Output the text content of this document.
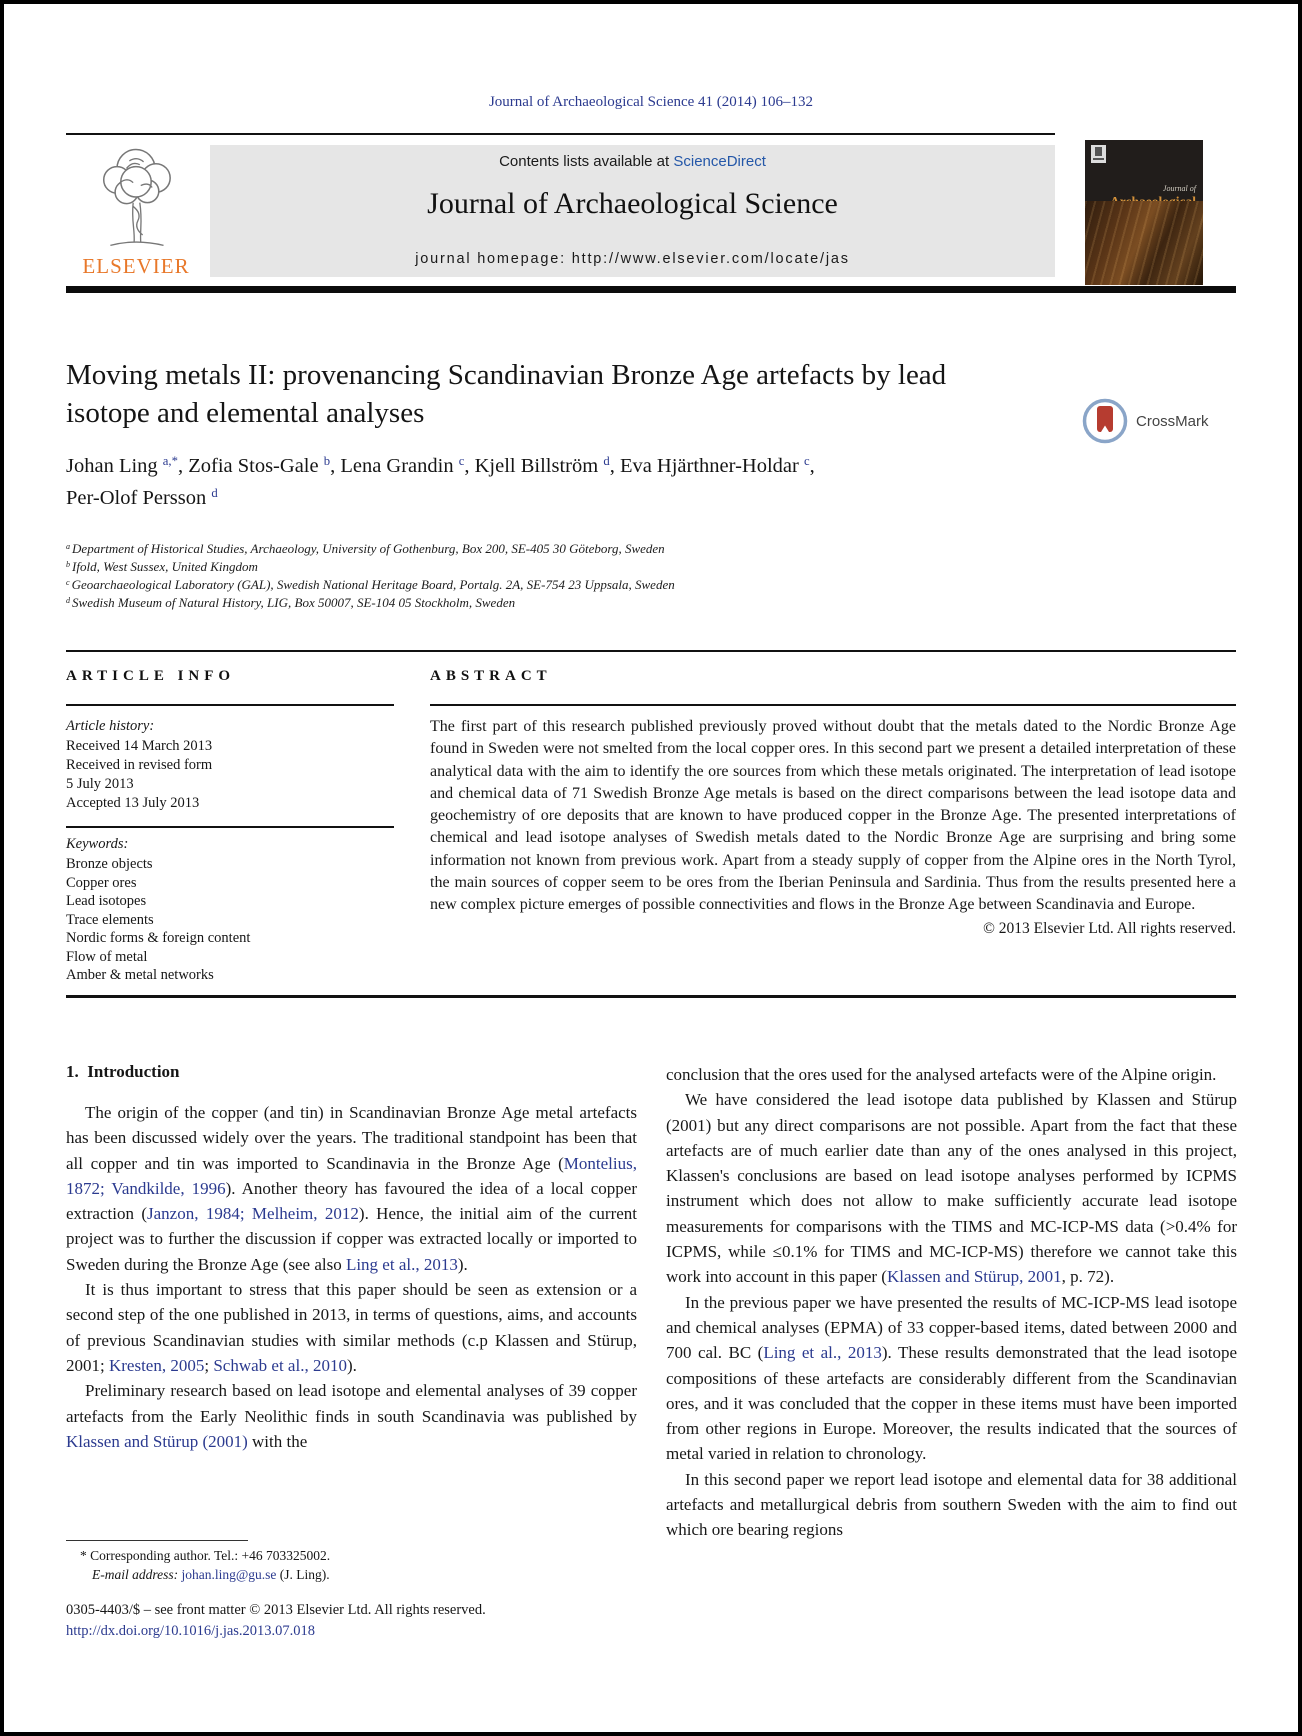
Journal of Archaeological Science 41 (2014) 106–132
ELSEVIER
Contents lists available at ScienceDirect
Journal of Archaeological Science
journal homepage: http://www.elsevier.com/locate/jas
Journal of
Moving metals II: provenancing Scandinavian Bronze Age artefacts by lead isotope and elemental analyses	CrossMark
Johan Ling $^{a,*}$, Zofia Stos-Gale $^b$, Lena Grandin $^c$, Kjell Billström $^d$, Eva Hjärthner-Holdar $^c$,
Per-Olof Persson $^d$
$^a$ Department of Historical Studies, Archaeology, University of Gothenburg, Box 200, SE-405 30 Göteborg, Sweden
$^b$ Ifold, West Sussex, United Kingdom
$^c$ Geoarchaeological Laboratory (GAL), Swedish National Heritage Board, Portalg. 2A, SE-754 23 Uppsala, Sweden
$^d$ Swedish Museum of Natural History, LIG, Box 50007, SE-104 05 Stockholm, Sweden
ARTICLE INFO
Article history:
Received 14 March 2013
Received in revised form
5 July 2013
Accepted 13 July 2013
Keywords:
Bronze objects
Copper ores
Lead isotopes
Trace elements
Nordic forms & foreign content
Flow of metal
Amber & metal networks
ABSTRACT
The first part of this research published previously proved without doubt that the metals dated to the Nordic Bronze Age found in Sweden were not smelted from the local copper ores. In this second part we present a detailed interpretation of these analytical data with the aim to identify the ore sources from which these metals originated. The interpretation of lead isotope and chemical data of 71 Swedish Bronze Age metals is based on the direct comparisons between the lead isotope data and geochemistry of ore deposits that are known to have produced copper in the Bronze Age. The presented interpretations of chemical and lead isotope analyses of Swedish metals dated to the Nordic Bronze Age are surprising and bring some information not known from previous work. Apart from a steady supply of copper from the Alpine ores in the North Tyrol, the main sources of copper seem to be ores from the Iberian Peninsula and Sardinia. Thus from the results presented here a new complex picture emerges of possible connectivities and flows in the Bronze Age between Scandinavia and Europe.
© 2013 Elsevier Ltd. All rights reserved.
1.  Introduction

The origin of the copper (and tin) in Scandinavian Bronze Age metal artefacts has been discussed widely over the years. The traditional standpoint has been that all copper and tin was imported to Scandinavia in the Bronze Age (Montelius, 1872; Vandkilde, 1996). Another theory has favoured the idea of a local copper extraction (Janzon, 1984; Melheim, 2012). Hence, the initial aim of the current project was to further the discussion if copper was extracted locally or imported to Sweden during the Bronze Age (see also Ling et al., 2013).

It is thus important to stress that this paper should be seen as extension or a second step of the one published in 2013, in terms of questions, aims, and accounts of previous Scandinavian studies with similar methods (c.p Klassen and Stürup, 2001; Kresten, 2005; Schwab et al., 2010).

Preliminary research based on lead isotope and elemental analyses of 39 copper artefacts from the Early Neolithic finds in south Scandinavia was published by Klassen and Stürup (2001) with the

conclusion that the ores used for the analysed artefacts were of the Alpine origin.

We have considered the lead isotope data published by Klassen and Stürup (2001) but any direct comparisons are not possible. Apart from the fact that these artefacts are of much earlier date than any of the ones analysed in this project, Klassen's conclusions are based on lead isotope analyses performed by ICPMS instrument which does not allow to make sufficiently accurate lead isotope measurements for comparisons with the TIMS and MC-ICP-MS data (>0.4% for ICPMS, while ≤0.1% for TIMS and MC-ICP-MS) therefore we cannot take this work into account in this paper (Klassen and Stürup, 2001, p. 72).

In the previous paper we have presented the results of MC-ICP-MS lead isotope and chemical analyses (EPMA) of 33 copper-based items, dated between 2000 and 700 cal. BC (Ling et al., 2013). These results demonstrated that the lead isotope compositions of these artefacts are considerably different from the Scandinavian ores, and it was concluded that the copper in these items must have been imported from other regions in Europe. Moreover, the results indicated that the sources of metal varied in relation to chronology.

In this second paper we report lead isotope and elemental data for 38 additional artefacts and metallurgical debris from southern Sweden with the aim to find out which ore bearing regions

* Corresponding author. Tel.: +46 703325002.
E-mail address: johan.ling@gu.se (J. Ling).
0305-4403/$ – see front matter © 2013 Elsevier Ltd. All rights reserved.
http://dx.doi.org/10.1016/j.jas.2013.07.018
